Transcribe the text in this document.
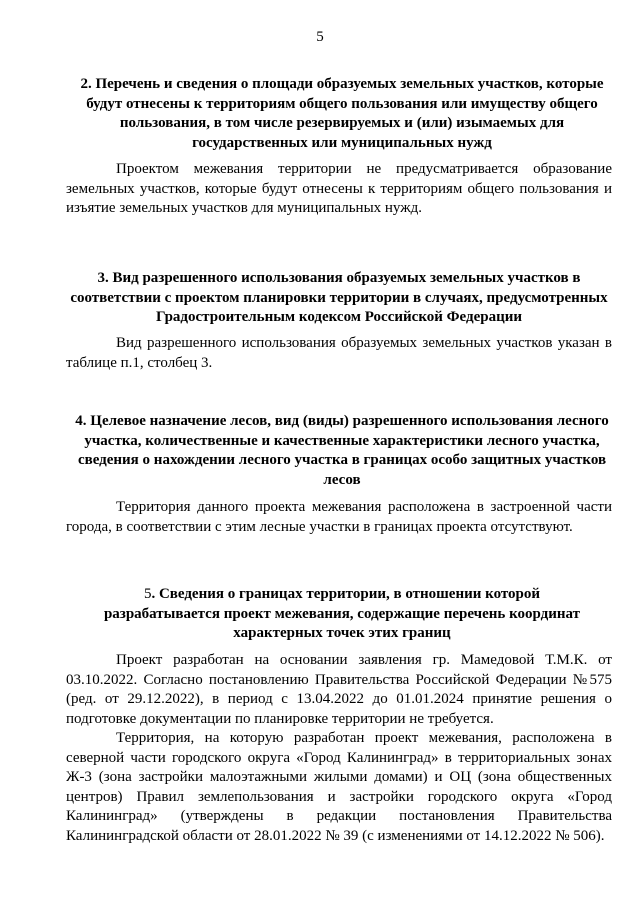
5
2. Перечень и сведения о площади образуемых земельных участков, которые будут отнесены к территориям общего пользования или имуществу общего пользования, в том числе резервируемых и (или) изымаемых для государственных или муниципальных нужд

Проектом межевания территории не предусматривается образование земельных участков, которые будут отнесены к территориям общего пользования и изъятие земельных участков для муниципальных нужд.

3. Вид разрешенного использования образуемых земельных участков в соответствии с проектом планировки территории в случаях, предусмотренных Градостроительным кодексом Российской Федерации

Вид разрешенного использования образуемых земельных участков указан в таблице п.1, столбец 3.

4. Целевое назначение лесов, вид (виды) разрешенного использования лесного участка, количественные и качественные характеристики лесного участка, сведения о нахождении лесного участка в границах особо защитных участков лесов

Территория данного проекта межевания расположена в застроенной части города, в соответствии с этим лесные участки в границах проекта отсутствуют.

5. Сведения о границах территории, в отношении которой разрабатывается проект межевания, содержащие перечень координат характерных точек этих границ

Проект разработан на основании заявления гр. Мамедовой Т.М.К. от 03.10.2022. Согласно постановлению Правительства Российской Федерации №575 (ред. от 29.12.2022), в период с 13.04.2022 до 01.01.2024 принятие решения о подготовке документации по планировке территории не требуется.

Территория, на которую разработан проект межевания, расположена в северной части городского округа «Город Калининград» в территориальных зонах Ж-3 (зона застройки малоэтажными жилыми домами) и ОЦ (зона общественных центров) Правил землепользования и застройки городского округа «Город Калининград» (утверждены в редакции постановления Правительства Калининградской области от 28.01.2022 № 39 (с изменениями от 14.12.2022 № 506).
